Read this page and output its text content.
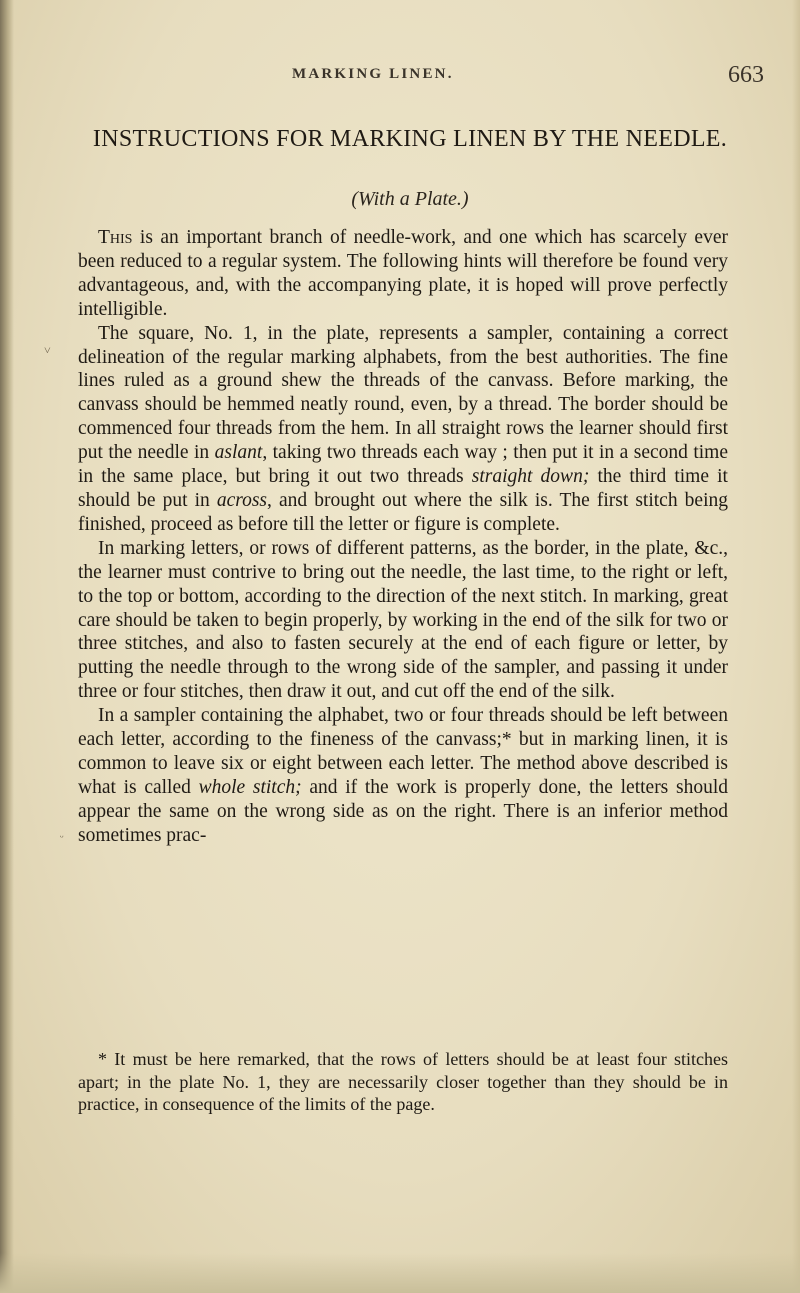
MARKING LINEN.	663
INSTRUCTIONS FOR MARKING LINEN BY THE NEEDLE.
(With a Plate.)

This is an important branch of needle-work, and one which has scarcely ever been reduced to a regular system. The following hints will therefore be found very advantageous, and, with the accompanying plate, it is hoped will prove perfectly intelligible.

The square, No. 1, in the plate, represents a sampler, containing a correct delineation of the regular marking alphabets, from the best authorities. The fine lines ruled as a ground shew the threads of the canvass. Before marking, the canvass should be hemmed neatly round, even, by a thread. The border should be commenced four threads from the hem. In all straight rows the learner should first put the needle in aslant, taking two threads each way ; then put it in a second time in the same place, but bring it out two threads straight down; the third time it should be put in across, and brought out where the silk is. The first stitch being finished, proceed as before till the letter or figure is complete.

In marking letters, or rows of different patterns, as the border, in the plate, &c., the learner must contrive to bring out the needle, the last time, to the right or left, to the top or bottom, according to the direction of the next stitch. In marking, great care should be taken to begin properly, by working in the end of the silk for two or three stitches, and also to fasten securely at the end of each figure or letter, by putting the needle through to the wrong side of the sampler, and passing it under three or four stitches, then draw it out, and cut off the end of the silk.

In a sampler containing the alphabet, two or four threads should be left between each letter, according to the fineness of the canvass;* but in marking linen, it is common to leave six or eight between each letter. The method above described is what is called whole stitch; and if the work is properly done, the letters should appear the same on the wrong side as on the right. There is an inferior method sometimes prac-

* It must be here remarked, that the rows of letters should be at least four stitches apart; in the plate No. 1, they are necessarily closer together than they should be in practice, in consequence of the limits of the page.

˅
ᵕ
